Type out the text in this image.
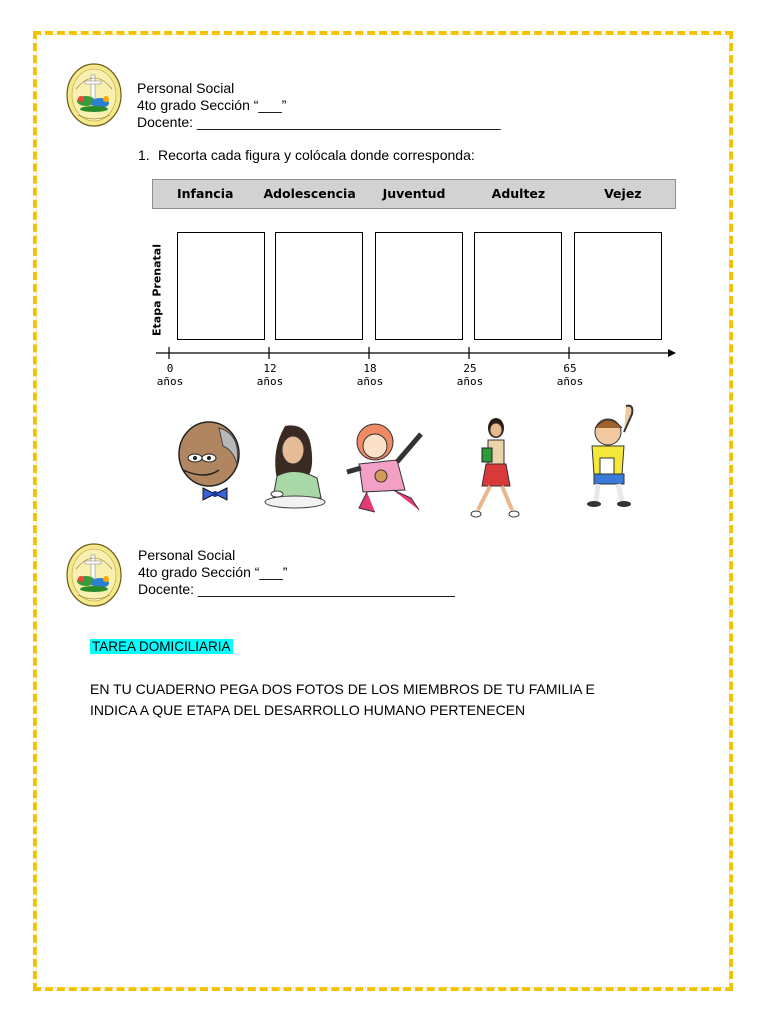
Personal Social
4to grado Sección “___”
Docente: _______________________________________
1. Recorta cada figura y colócala donde corresponda:
Infancia	Adolescencia	Juventud	Adultez	Vejez
Etapa Prenatal
0
años
12
años
18
años
25
años
65
años
Personal Social
4to grado Sección “___”
Docente: _________________________________
TAREA DOMICILIARIA
EN TU CUADERNO PEGA DOS FOTOS DE LOS MIEMBROS DE TU FAMILIA E
INDICA A QUE ETAPA DEL DESARROLLO HUMANO PERTENECEN
